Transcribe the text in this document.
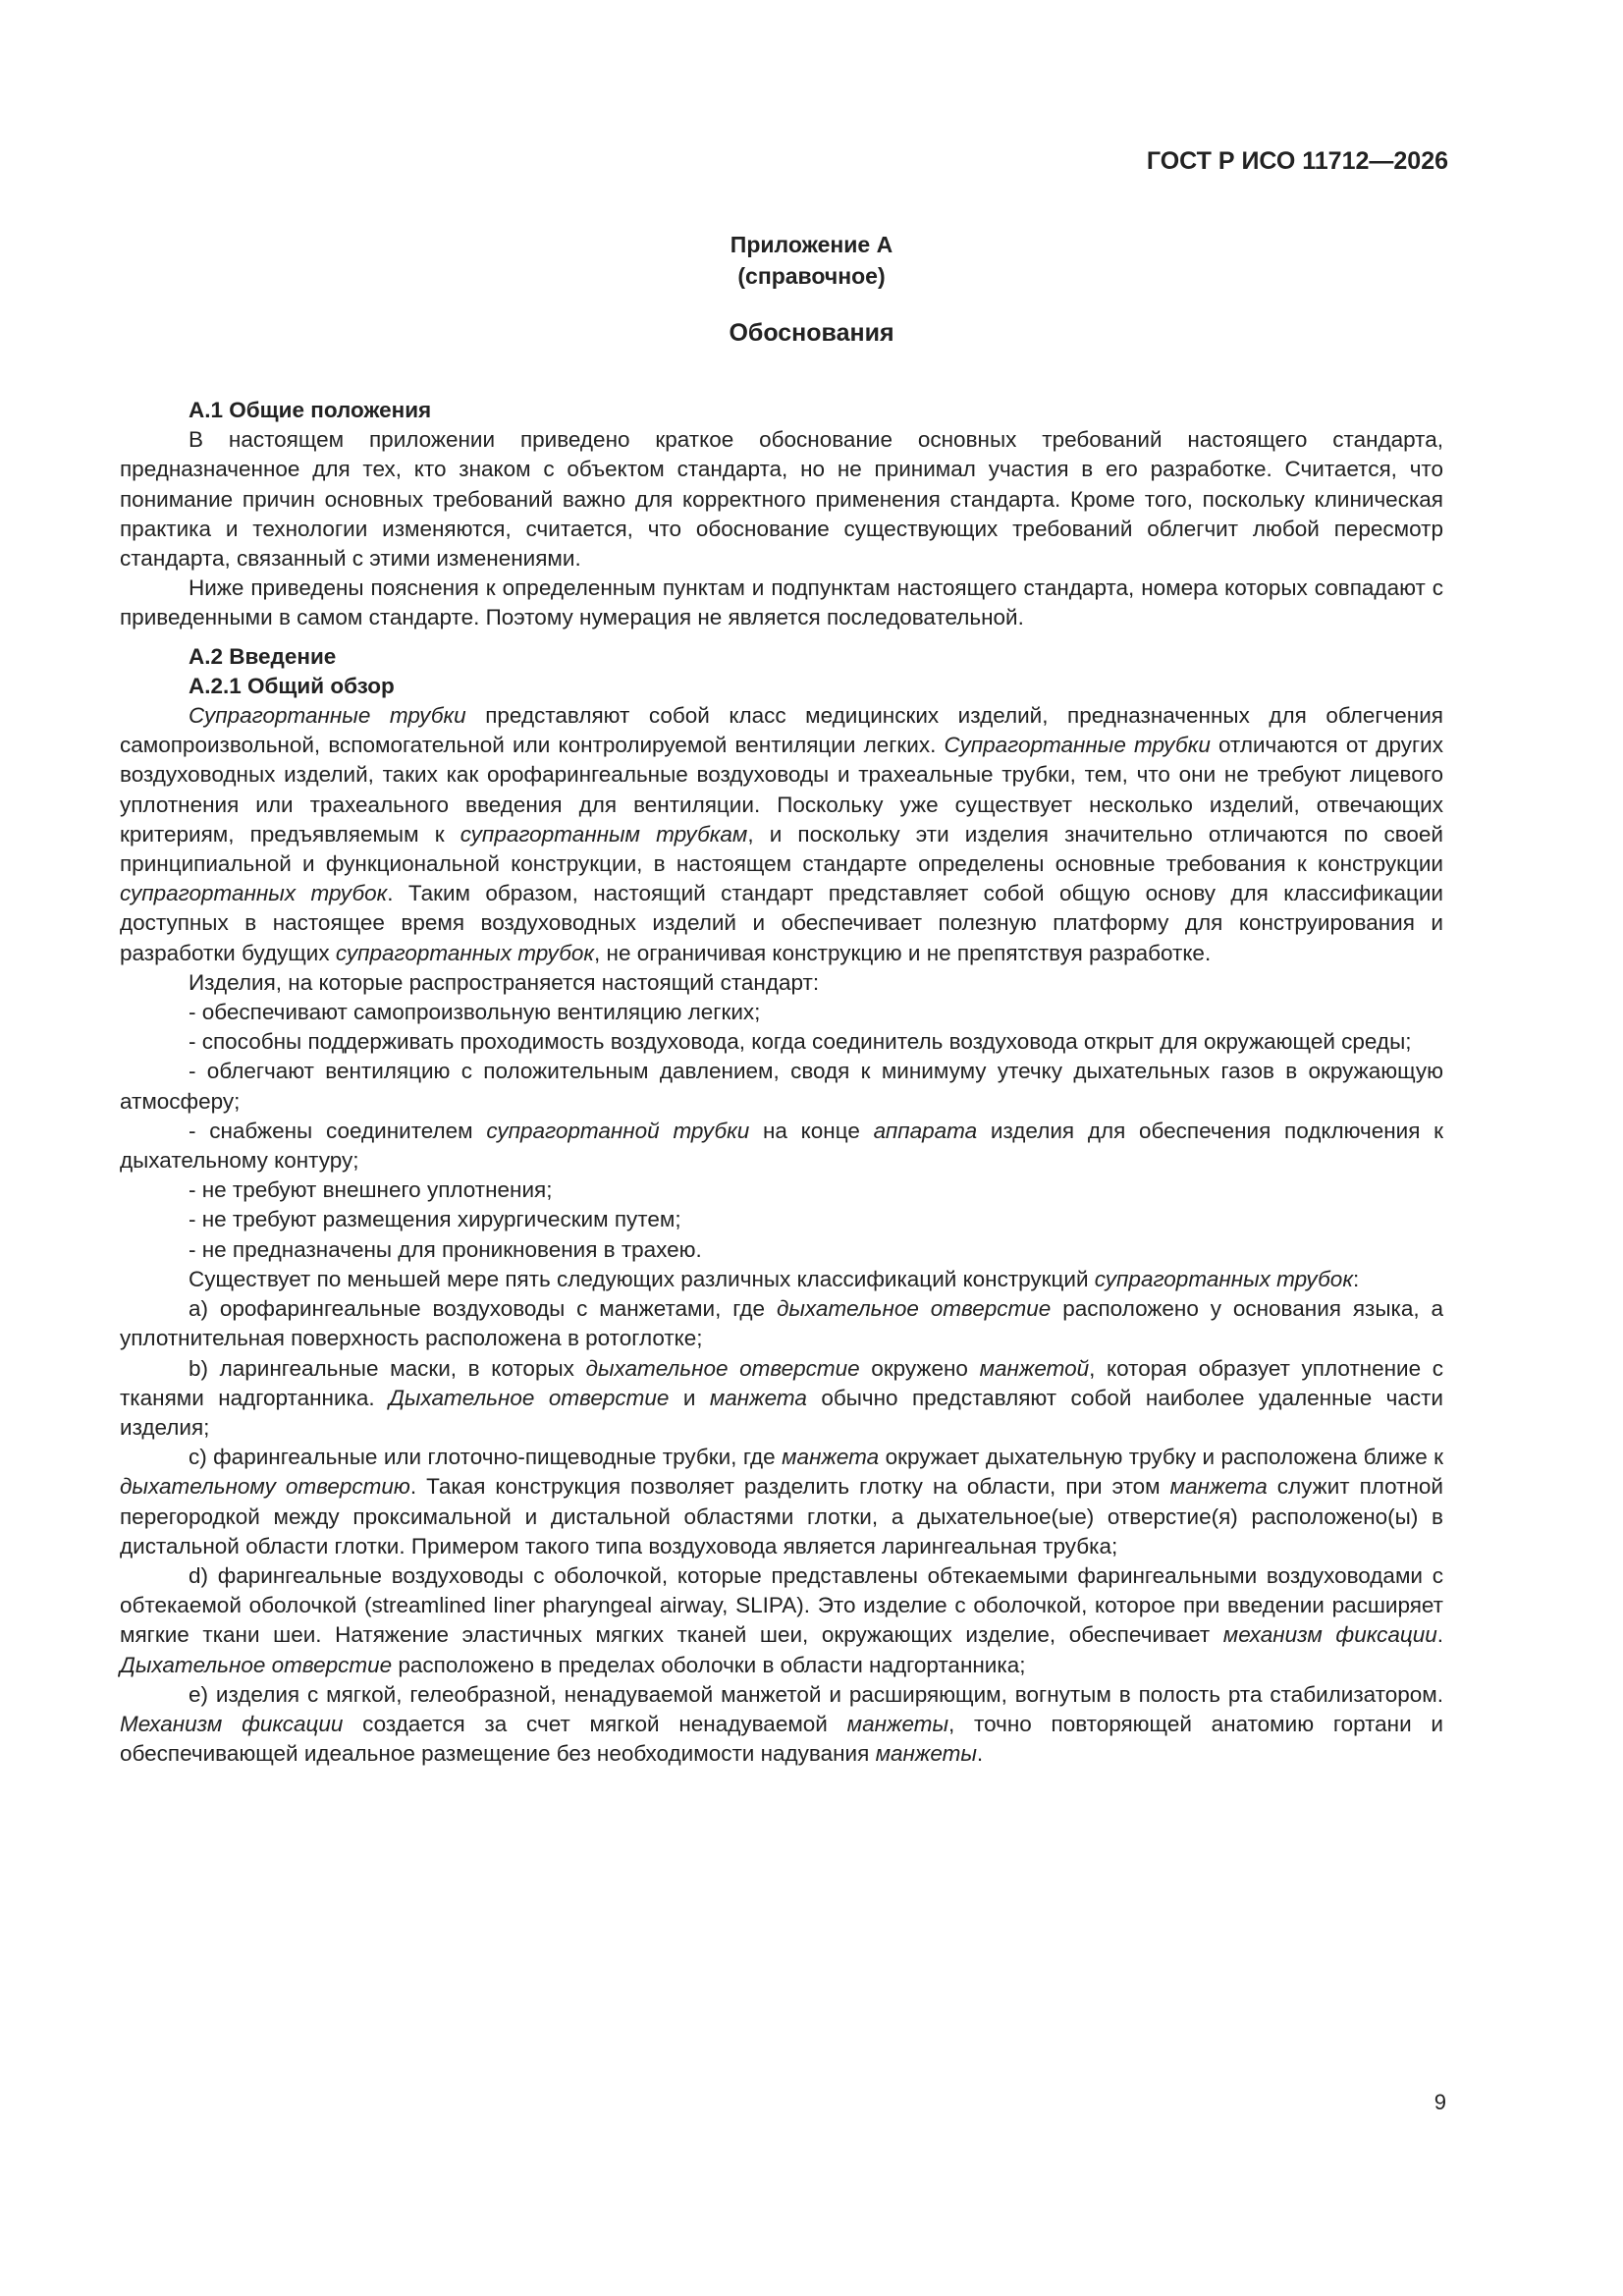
ГОСТ Р ИСО 11712—2026
Приложение А
(справочное)
Обоснования
А.1 Общие положения

В настоящем приложении приведено краткое обоснование основных требований настоящего стандарта, предназначенное для тех, кто знаком с объектом стандарта, но не принимал участия в его разработке. Считается, что понимание причин основных требований важно для корректного применения стандарта. Кроме того, поскольку клиническая практика и технологии изменяются, считается, что обоснование существующих требований облегчит любой пересмотр стандарта, связанный с этими изменениями.

Ниже приведены пояснения к определенным пунктам и подпунктам настоящего стандарта, номера которых совпадают с приведенными в самом стандарте. Поэтому нумерация не является последовательной.

А.2 Введение
А.2.1 Общий обзор

Супрагортанные трубки представляют собой класс медицинских изделий, предназначенных для облегчения самопроизвольной, вспомогательной или контролируемой вентиляции легких. Супрагортанные трубки отличаются от других воздуховодных изделий, таких как орофарингеальные воздуховоды и трахеальные трубки, тем, что они не требуют лицевого уплотнения или трахеального введения для вентиляции. Поскольку уже существует несколько изделий, отвечающих критериям, предъявляемым к супрагортанным трубкам, и поскольку эти изделия значительно отличаются по своей принципиальной и функциональной конструкции, в настоящем стандарте определены основные требования к конструкции супрагортанных трубок. Таким образом, настоящий стандарт представляет собой общую основу для классификации доступных в настоящее время воздуховодных изделий и обеспечивает полезную платформу для конструирования и разработки будущих супрагортанных трубок, не ограничивая конструкцию и не препятствуя разработке.

Изделия, на которые распространяется настоящий стандарт:

- обеспечивают самопроизвольную вентиляцию легких;

- способны поддерживать проходимость воздуховода, когда соединитель воздуховода открыт для окружающей среды;

- облегчают вентиляцию с положительным давлением, сводя к минимуму утечку дыхательных газов в окружающую атмосферу;

- снабжены соединителем супрагортанной трубки на конце аппарата изделия для обеспечения подключения к дыхательному контуру;

- не требуют внешнего уплотнения;

- не требуют размещения хирургическим путем;

- не предназначены для проникновения в трахею.

Существует по меньшей мере пять следующих различных классификаций конструкций супрагортанных трубок:

a) орофарингеальные воздуховоды с манжетами, где дыхательное отверстие расположено у основания языка, а уплотнительная поверхность расположена в ротоглотке;

b) ларингеальные маски, в которых дыхательное отверстие окружено манжетой, которая образует уплотнение с тканями надгортанника. Дыхательное отверстие и манжета обычно представляют собой наиболее удаленные части изделия;

c) фарингеальные или глоточно-пищеводные трубки, где манжета окружает дыхательную трубку и расположена ближе к дыхательному отверстию. Такая конструкция позволяет разделить глотку на области, при этом манжета служит плотной перегородкой между проксимальной и дистальной областями глотки, а дыхательное(ые) отверстие(я) расположено(ы) в дистальной области глотки. Примером такого типа воздуховода является ларингеальная трубка;

d) фарингеальные воздуховоды с оболочкой, которые представлены обтекаемыми фарингеальными воздуховодами с обтекаемой оболочкой (streamlined liner pharyngeal airway, SLIPA). Это изделие с оболочкой, которое при введении расширяет мягкие ткани шеи. Натяжение эластичных мягких тканей шеи, окружающих изделие, обеспечивает механизм фиксации. Дыхательное отверстие расположено в пределах оболочки в области надгортанника;

e) изделия с мягкой, гелеобразной, ненадуваемой манжетой и расширяющим, вогнутым в полость рта стабилизатором. Механизм фиксации создается за счет мягкой ненадуваемой манжеты, точно повторяющей анатомию гортани и обеспечивающей идеальное размещение без необходимости надувания манжеты.

9
